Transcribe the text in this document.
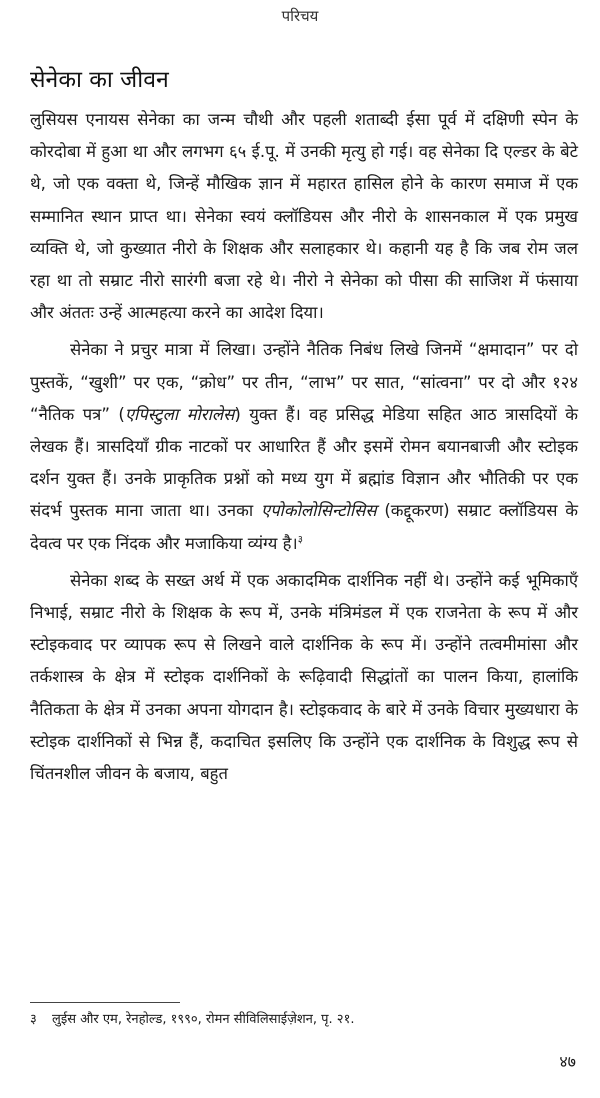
परिचय
सेनेका का जीवन

लुसियस एनायस सेनेका का जन्म चौथी और पहली शताब्दी ईसा पूर्व में दक्षिणी स्पेन के कोरदोबा में हुआ था और लगभग ६५ ई.पू. में उनकी मृत्यु हो गई। वह सेनेका दि एल्डर के बेटे थे, जो एक वक्ता थे, जिन्हें मौखिक ज्ञान में महारत हासिल होने के कारण समाज में एक सम्मानित स्थान प्राप्त था। सेनेका स्वयं क्लॉडियस और नीरो के शासनकाल में एक प्रमुख व्यक्ति थे, जो कुख्यात नीरो के शिक्षक और सलाहकार थे। कहानी यह है कि जब रोम जल रहा था तो सम्राट नीरो सारंगी बजा रहे थे। नीरो ने सेनेका को पीसा की साजिश में फंसाया और अंततः उन्हें आत्महत्या करने का आदेश दिया।

सेनेका ने प्रचुर मात्रा में लिखा। उन्होंने नैतिक निबंध लिखे जिनमें “क्षमादान” पर दो पुस्तकें, “खुशी” पर एक, “क्रोध” पर तीन, “लाभ” पर सात, “सांत्वना” पर दो और १२४ “नैतिक पत्र” (एपिस्टुला मोरालेस) युक्त हैं। वह प्रसिद्ध मेडिया सहित आठ त्रासदियों के लेखक हैं। त्रासदियाँ ग्रीक नाटकों पर आधारित हैं और इसमें रोमन बयानबाजी और स्टोइक दर्शन युक्त हैं। उनके प्राकृतिक प्रश्नों को मध्य युग में ब्रह्मांड विज्ञान और भौतिकी पर एक संदर्भ पुस्तक माना जाता था। उनका एपोकोलोसिन्टोसिस (कद्दूकरण) सम्राट क्लॉडियस के देवत्व पर एक निंदक और मजाकिया व्यंग्य है।$^३$

सेनेका शब्द के सख्त अर्थ में एक अकादमिक दार्शनिक नहीं थे। उन्होंने कई भूमिकाएँ निभाई, सम्राट नीरो के शिक्षक के रूप में, उनके मंत्रिमंडल में एक राजनेता के रूप में और स्टोइकवाद पर व्यापक रूप से लिखने वाले दार्शनिक के रूप में। उन्होंने तत्वमीमांसा और तर्कशास्त्र के क्षेत्र में स्टोइक दार्शनिकों के रूढ़िवादी सिद्धांतों का पालन किया, हालांकि नैतिकता के क्षेत्र में उनका अपना योगदान है। स्टोइकवाद के बारे में उनके विचार मुख्यधारा के स्टोइक दार्शनिकों से भिन्न हैं, कदाचित इसलिए कि उन्होंने एक दार्शनिक के विशुद्ध रूप से चिंतनशील जीवन के बजाय, बहुत

३ लुईस और एम, रेनहोल्ड, १९९०, रोमन सीविलिसाईज़ेशन, पृ. २१.
४७
